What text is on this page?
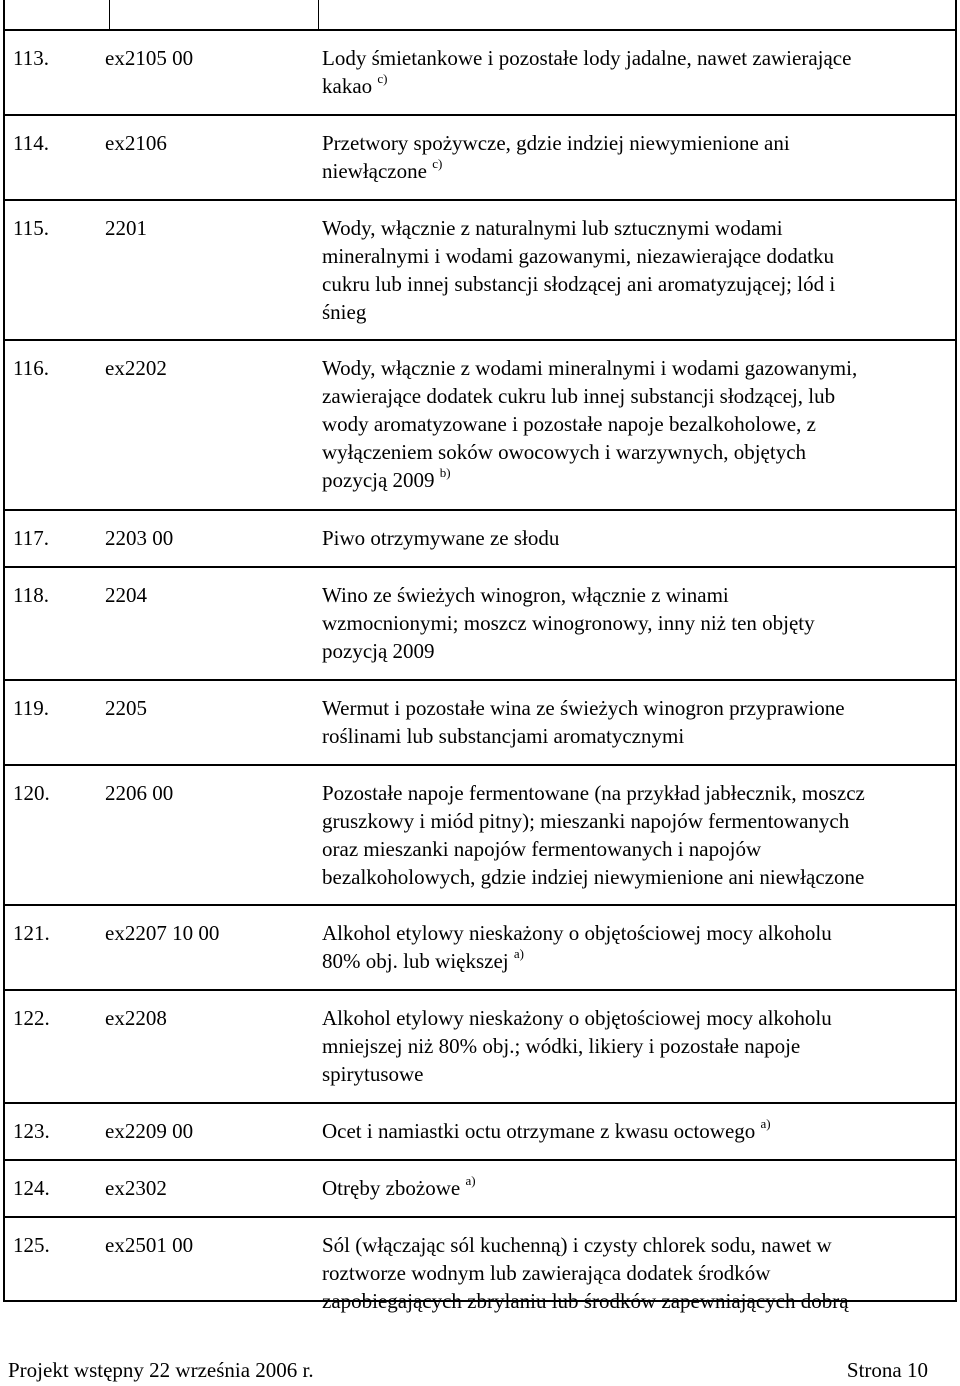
113.	ex2105 00	Lody śmietankowe i pozostałe lody jadalne, nawet zawierające
kakao $^{c)}$
114.	ex2106	Przetwory spożywcze, gdzie indziej niewymienione ani
niewłączone $^{c)}$
115.	2201	Wody, włącznie z naturalnymi lub sztucznymi wodami
mineralnymi i wodami gazowanymi, niezawierające dodatku
cukru lub innej substancji słodzącej ani aromatyzującej; lód i
śnieg
116.	ex2202	Wody, włącznie z wodami mineralnymi i wodami gazowanymi,
zawierające dodatek cukru lub innej substancji słodzącej, lub
wody aromatyzowane i pozostałe napoje bezalkoholowe, z
wyłączeniem soków owocowych i warzywnych, objętych
pozycją 2009 $^{b)}$
117.	2203 00	Piwo otrzymywane ze słodu
118.	2204	Wino ze świeżych winogron, włącznie z winami
wzmocnionymi; moszcz winogronowy, inny niż ten objęty
pozycją 2009
119.	2205	Wermut i pozostałe wina ze świeżych winogron przyprawione
roślinami lub substancjami aromatycznymi
120.	2206 00	Pozostałe napoje fermentowane (na przykład jabłecznik, moszcz
gruszkowy i miód pitny); mieszanki napojów fermentowanych
oraz mieszanki napojów fermentowanych i napojów
bezalkoholowych, gdzie indziej niewymienione ani niewłączone
121.	ex2207 10 00	Alkohol etylowy nieskażony o objętościowej mocy alkoholu
80% obj. lub większej $^{a)}$
122.	ex2208	Alkohol etylowy nieskażony o objętościowej mocy alkoholu
mniejszej niż 80% obj.; wódki, likiery i pozostałe napoje
spirytusowe
123.	ex2209 00	Ocet i namiastki octu otrzymane z kwasu octowego $^{a)}$
124.	ex2302	Otręby zbożowe $^{a)}$
125.	ex2501 00	Sól (włączając sól kuchenną) i czysty chlorek sodu, nawet w
roztworze wodnym lub zawierająca dodatek środków
zapobiegających zbrylaniu lub środków zapewniających dobrą
Projekt wstępny 22 września 2006 r.	Strona 10
